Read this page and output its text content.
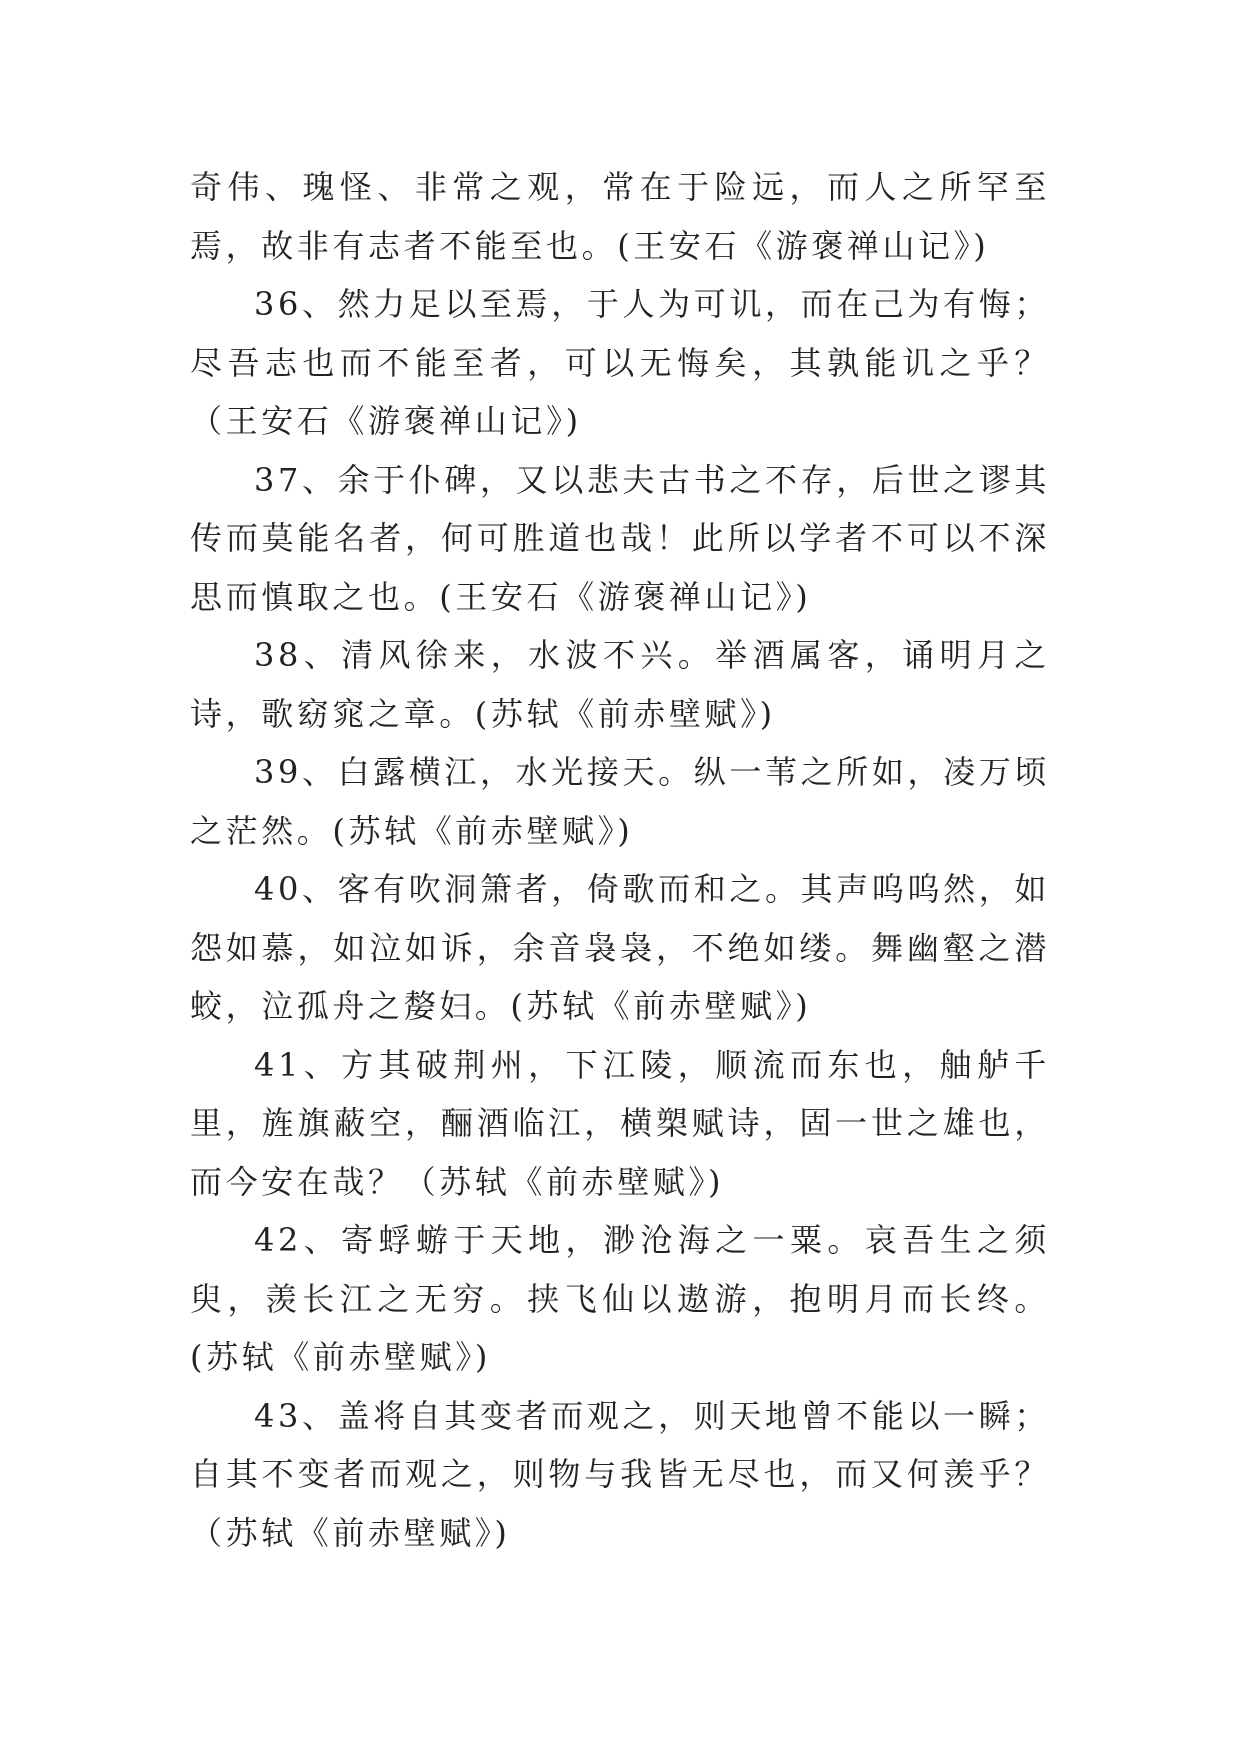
奇伟、瑰怪、非常之观，常在于险远，而人之所罕至焉，故非有志者不能至也。(王安石《游褒禅山记》)

36、然力足以至焉，于人为可讥，而在己为有悔；尽吾志也而不能至者，可以无悔矣，其孰能讥之乎？（王安石《游褒禅山记》)

37、余于仆碑，又以悲夫古书之不存，后世之谬其传而莫能名者，何可胜道也哉！此所以学者不可以不深思而慎取之也。(王安石《游褒禅山记》)

38、清风徐来，水波不兴。举酒属客，诵明月之诗，歌窈窕之章。(苏轼《前赤壁赋》)

39、白露横江，水光接天。纵一苇之所如，凌万顷之茫然。(苏轼《前赤壁赋》)

40、客有吹洞箫者，倚歌而和之。其声呜呜然，如怨如慕，如泣如诉，余音袅袅，不绝如缕。舞幽壑之潜蛟，泣孤舟之嫠妇。(苏轼《前赤壁赋》)

41、方其破荆州，下江陵，顺流而东也，舳舻千里，旌旗蔽空，酾酒临江，横槊赋诗，固一世之雄也，而今安在哉？（苏轼《前赤壁赋》)

42、寄蜉蝣于天地，渺沧海之一粟。哀吾生之须臾，羡长江之无穷。挟飞仙以遨游，抱明月而长终。(苏轼《前赤壁赋》)

43、盖将自其变者而观之，则天地曾不能以一瞬；自其不变者而观之，则物与我皆无尽也，而又何羡乎？（苏轼《前赤壁赋》)
